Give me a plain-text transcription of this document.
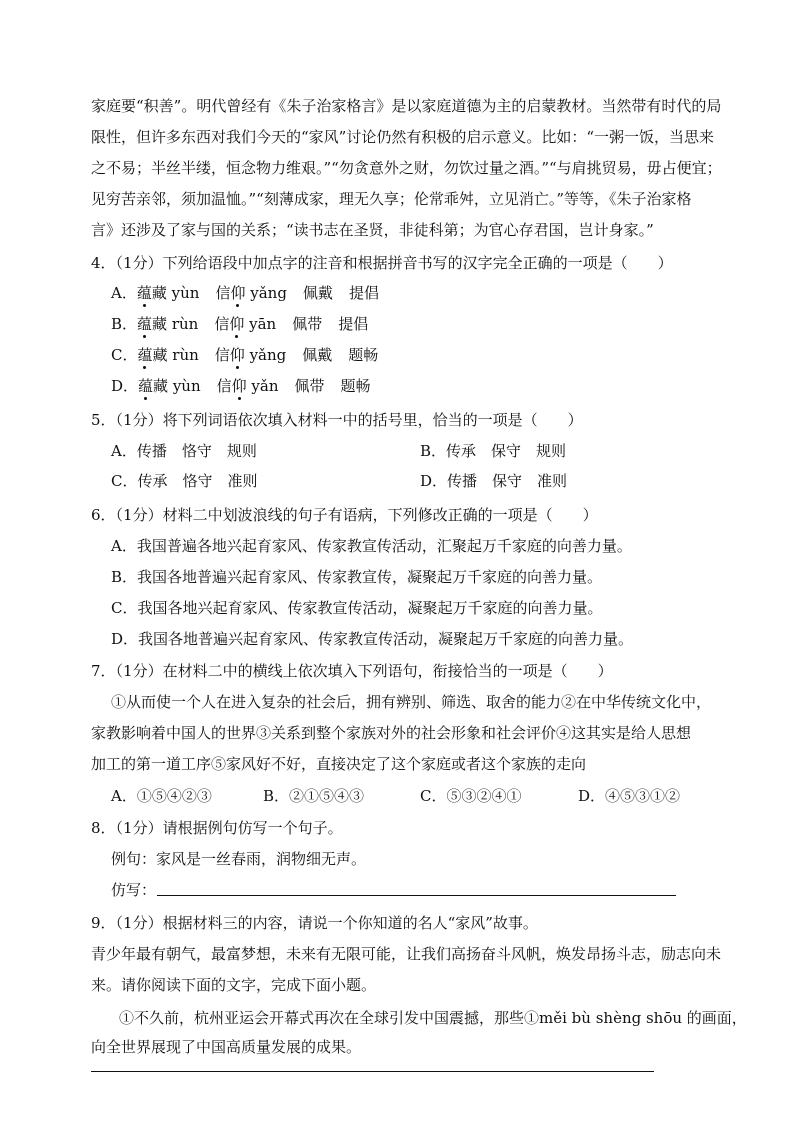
家庭要“积善”。明代曾经有《朱子治家格言》是以家庭道德为主的启蒙教材。当然带有时代的局
限性，但许多东西对我们今天的“家风”讨论仍然有积极的启示意义。比如：“一粥一饭，当思来
之不易；半丝半缕，恒念物力维艰。”“勿贪意外之财，勿饮过量之酒。”“与肩挑贸易，毋占便宜；
见穷苦亲邻，须加温恤。”“刻薄成家，理无久享；伦常乖舛，立见消亡。”等等，《朱子治家格
言》还涉及了家与国的关系；“读书志在圣贤，非徒科第；为官心存君国，岂计身家。”
4．（1分）下列给语段中加点字的注音和根据拼音书写的汉字完全正确的一项是（　　）
A．蕴藏 yùn 信仰 yǎng 佩戴 提倡
B．蕴藏 rùn 信仰 yān 佩带 提倡
C．蕴藏 rùn 信仰 yǎng 佩戴 题畅
D．蕴藏 yùn 信仰 yǎn 佩带 题畅
5．（1分）将下列词语依次填入材料一中的括号里，恰当的一项是（　　）
A．传播　恪守　规则	B．传承　保守　规则
C．传承　恪守　准则	D．传播　保守　准则
6．（1分）材料二中划波浪线的句子有语病，下列修改正确的一项是（　　）
A．我国普遍各地兴起育家风、传家教宣传活动，汇聚起万千家庭的向善力量。
B．我国各地普遍兴起育家风、传家教宣传，凝聚起万千家庭的向善力量。
C．我国各地兴起育家风、传家教宣传活动，凝聚起万千家庭的向善力量。
D．我国各地普遍兴起育家风、传家教宣传活动，凝聚起万千家庭的向善力量。
7．（1分）在材料二中的横线上依次填入下列语句，衔接恰当的一项是（　　）
①从而使一个人在进入复杂的社会后，拥有辨别、筛选、取舍的能力②在中华传统文化中，
家教影响着中国人的世界③关系到整个家族对外的社会形象和社会评价④这其实是给人思想
加工的第一道工序⑤家风好不好，直接决定了这个家庭或者这个家族的走向
A．①⑤④②③	B．②①⑤④③	C．⑤③②④①	D．④⑤③①②
8．（1分）请根据例句仿写一个句子。
例句：家风是一丝春雨，润物细无声。
仿写：
9．（1分）根据材料三的内容，请说一个你知道的名人“家风”故事。
青少年最有朝气，最富梦想，未来有无限可能，让我们高扬奋斗风帆，焕发昂扬斗志，励志向未
来。请你阅读下面的文字，完成下面小题。
①不久前，杭州亚运会开幕式再次在全球引发中国震撼，那些①měi bù shèng shōu 的画面，
向全世界展现了中国高质量发展的成果。
